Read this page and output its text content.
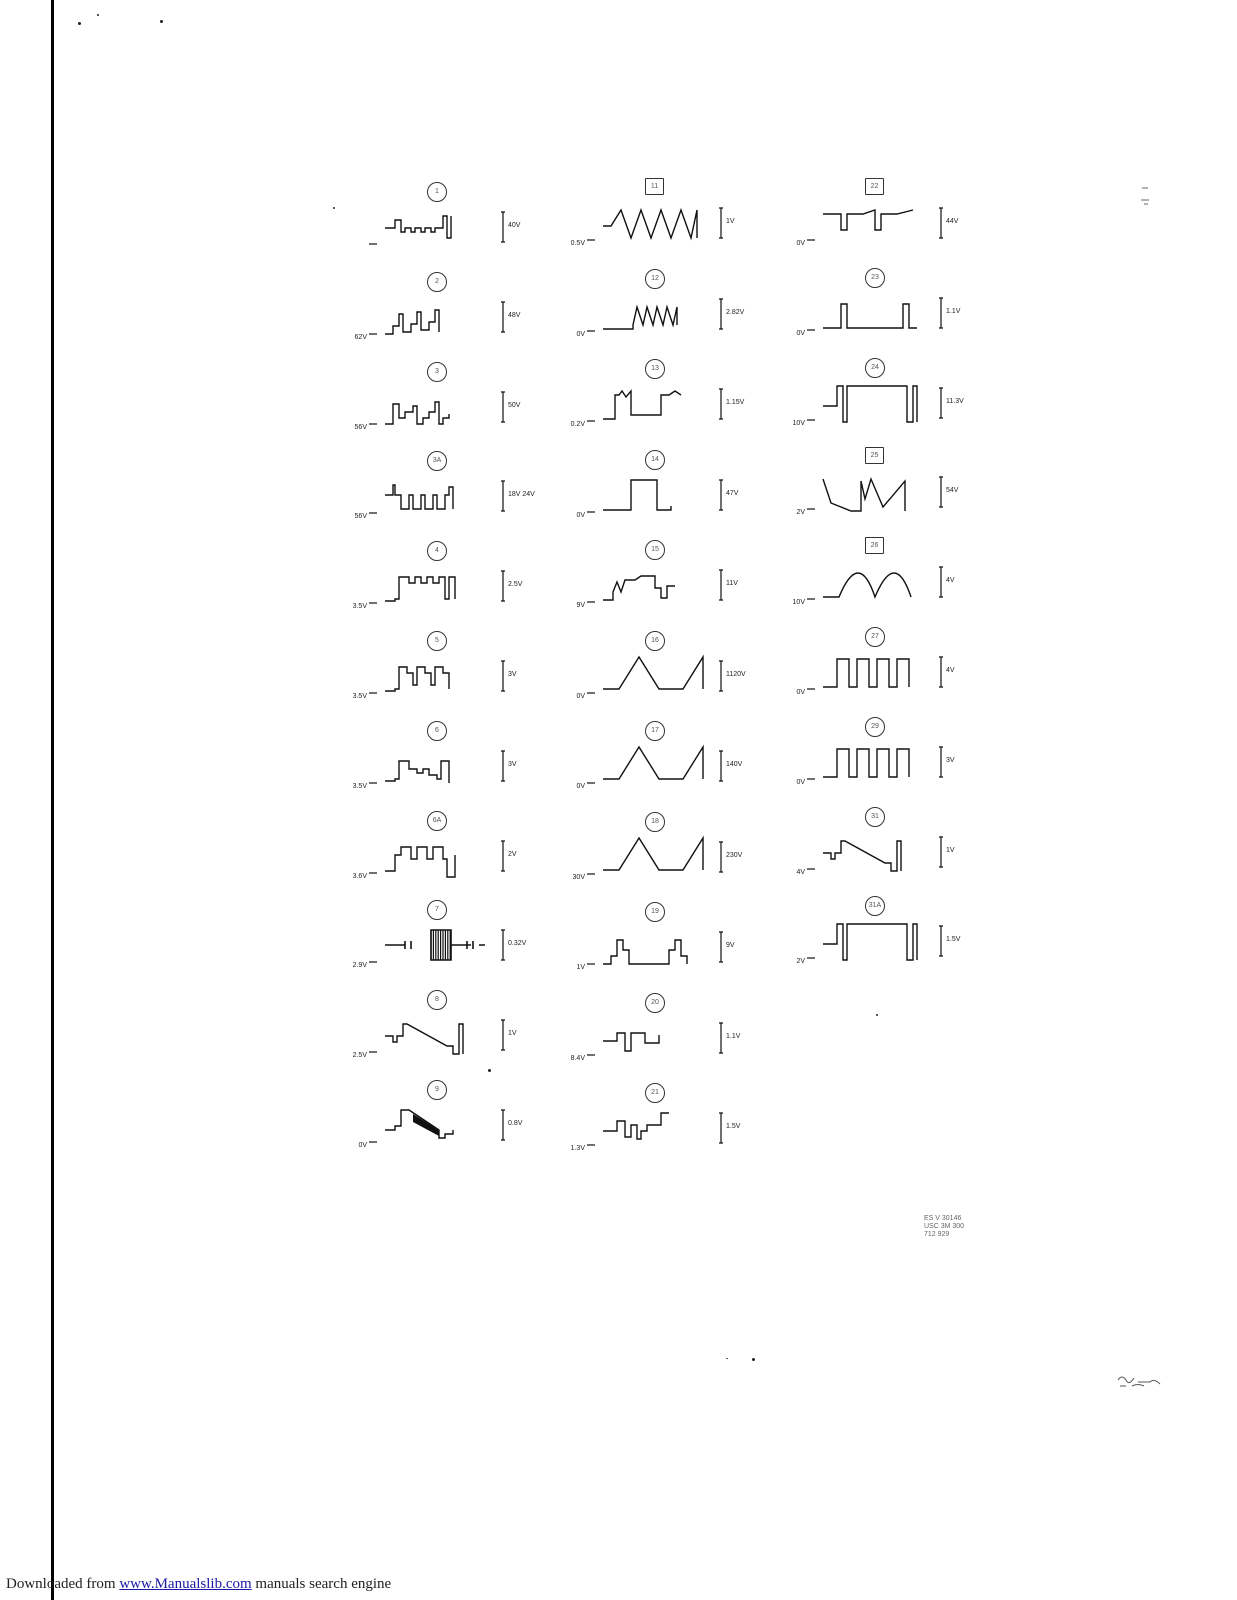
1
40V
2
62V
48V
3
56V
50V
3A
56V
18V 24V
4
3.5V
2.5V
5
3.5V
3V
6
3.5V
3V
6A
3.6V
2V
7
2.9V
0.32V
8
2.5V
1V
9
0V
0.8V
11
0.5V
1V
12
0V
2.82V
13
0.2V
1.15V
14
0V
47V
15
9V
11V
16
0V
1120V
17
0V
140V
18
30V
230V
19
1V
9V
20
8.4V
1.1V
21
1.3V
1.5V
22
0V
44V
23
0V
1.1V
24
10V
11.3V
25
2V
54V
26
10V
4V
27
0V
4V
29
0V
3V
31
4V
1V
31A
2V
1.5V
ES V 30146
USC 3M 300
712 929
Downloaded from www.Manualslib.com manuals search engine
